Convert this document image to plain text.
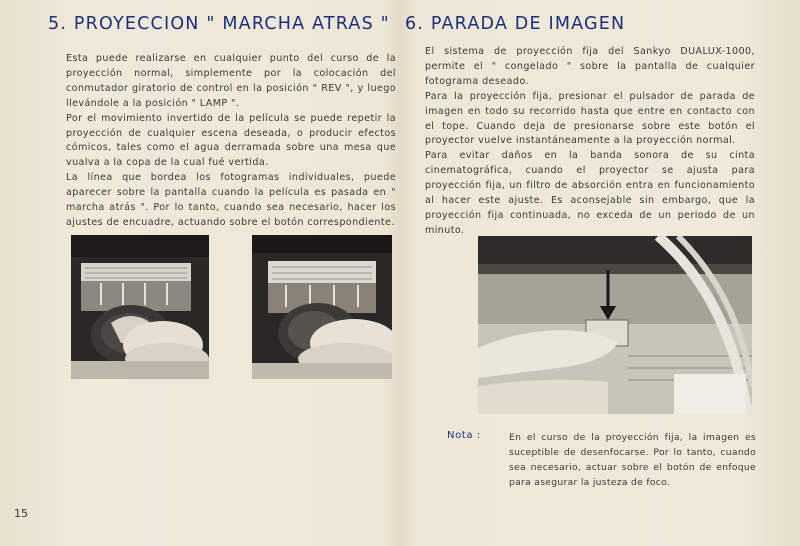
5. PROYECCION " MARCHA ATRAS " 6. PARADA DE IMAGEN

Esta puede realizarse en cualquier punto del curso de la proyección normal, simplemente por la colocación del conmutador giratorio de control en la posición " REV ", y luego llevándole a la posición " LAMP ".

Por el movimiento invertido de la película se puede repetir la proyección de cualquier escena deseada, o producir efectos cómicos, tales como el agua derramada sobre una mesa que vualva a la copa de la cual fué vertida.

La línea que bordea los fotogramas individuales, puede aparecer sobre la pantalla cuando la película es pasada en " marcha atrás ". Por lo tanto, cuando sea necesario, hacer los ajustes de encuadre, actuando sobre el botón correspondiente.

El sistema de proyección fija del Sankyo DUALUX-1000, permite el " congelado " sobre la pantalla de cualquier fotograma deseado.

Para la proyección fija, presionar el pulsador de parada de imagen en todo su recorrido hasta que entre en contacto con el tope. Cuando deja de presionarse sobre este botón el proyector vuelve instantáneamente a la proyección normal.

Para evitar daños en la banda sonora de su cinta cinematográfica, cuando el proyector se ajusta para proyección fija, un filtro de absorción entra en funcionamiento al hacer este ajuste. Es aconsejable sin embargo, que la proyección fija continuada, no exceda de un periodo de un minuto.

Nota :	En el curso de la proyección fija, la imagen es suceptible de desenfocarse. Por lo tanto, cuando sea necesario, actuar sobre el botón de enfoque para asegurar la justeza de foco.
15
